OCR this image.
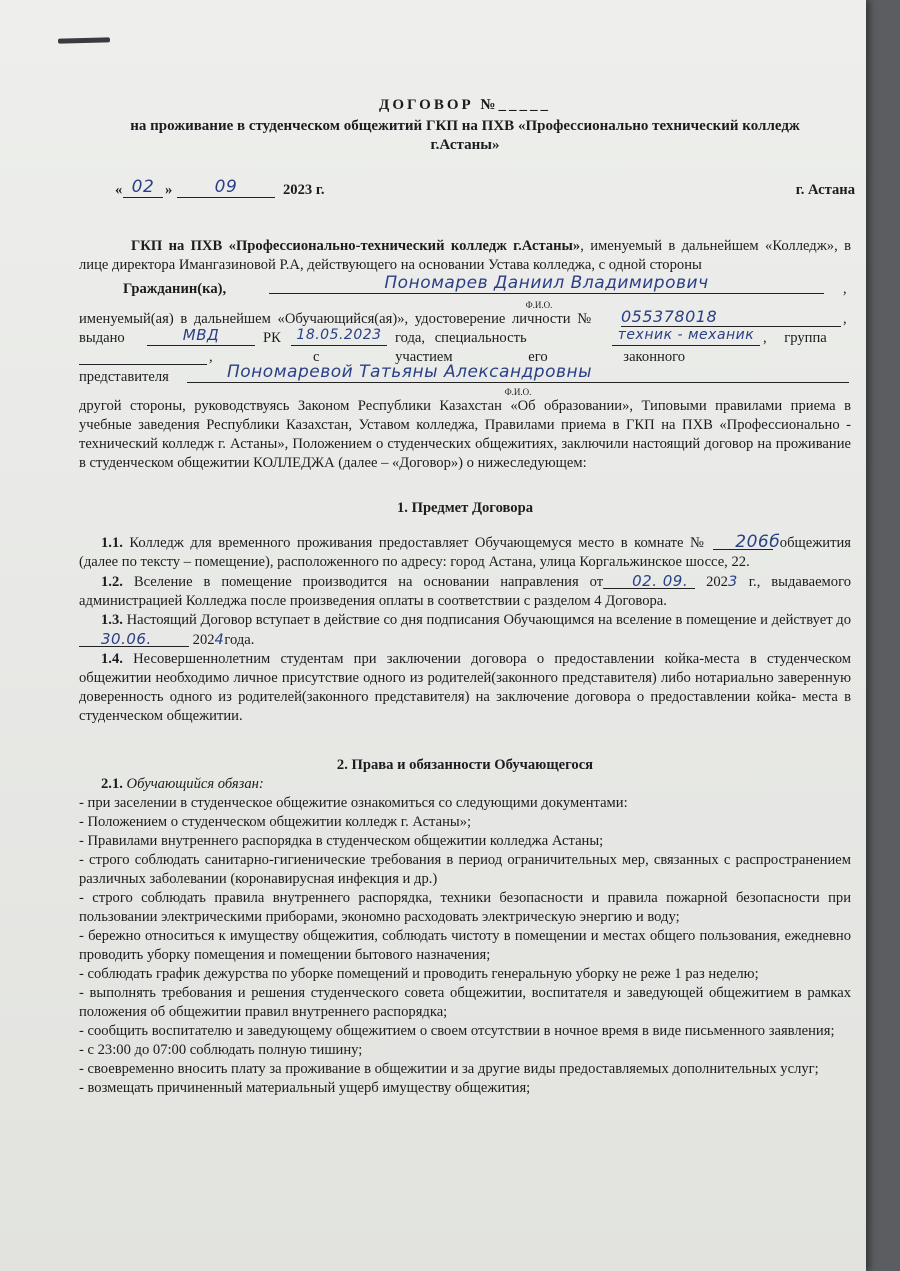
ДОГОВОР №_____
на проживание в студенческом общежитий ГКП на ПХВ «Профессионально технический колледж г.Астаны»
« 02 »	09	2023 г.	г. Астана

ГКП на ПХВ «Профессионально-технический колледж г.Астаны», именуемый в дальнейшем «Колледж», в лице директора Имангазиновой Р.А, действующего на основании Устава колледжа, с одной стороны

Гражданин(ка),	Пономарев Даниил Владимирович	,
Ф.И.О.
именуемый(ая) в дальнейшем «Обучающийся(ая)», удостоверение личности № 055378018	,
выдано	МВД	РК	18.05.2023 года, специальность	техник - механик , группа
,	с участием его законного
представителя	Пономаревой Татьяны Александровны
Ф.И.О.

другой стороны, руководствуясь Законом Республики Казахстан «Об образовании», Типовыми правилами приема в учебные заведения Республики Казахстан, Уставом колледжа, Правилами приема в ГКП на ПХВ «Профессионально - технический колледж г. Астаны», Положением о студенческих общежитиях, заключили настоящий договор на проживание в студенческом общежитии КОЛЛЕДЖА (далее – «Договор») о нижеследующем:

1. Предмет Договора

1.1. Колледж для временного проживания предоставляет Обучающемуся место в комнате № 206б общежития (далее по тексту – помещение), расположенного по адресу: город Астана, улица Коргальжинское шоссе, 22.

1.2. Вселение в помещение производится на основании направления от 02. 09. 2023 г., выдаваемого администрацией Колледжа после произведения оплаты в соответствии с разделом 4 Договора.

1.3. Настоящий Договор вступает в действие со дня подписания Обучающимся на вселение в помещение и действует до 30.06.	2024года.

1.4. Несовершеннолетним студентам при заключении договора о предоставлении койка-места в студенческом общежитии необходимо личное присутствие одного из родителей(законного представителя) либо нотариально заверенную доверенность одного из родителей(законного представителя) на заключение договора о предоставлении койка- места в студенческом общежитии.

2. Права и обязанности Обучающегося

2.1. Обучающийся обязан:

- при заселении в студенческое общежитие ознакомиться со следующими документами:

- Положением о студенческом общежитии колледж г. Астаны»;

- Правилами внутреннего распорядка в студенческом общежитии колледжа Астаны;

- строго соблюдать санитарно-гигиенические требования в период ограничительных мер, связанных с распространением различных заболевании (коронавирусная инфекция и др.)

- строго соблюдать правила внутреннего распорядка, техники безопасности и правила пожарной безопасности при пользовании электрическими приборами, экономно расходовать электрическую энергию и воду;

- бережно относиться к имуществу общежития, соблюдать чистоту в помещении и местах общего пользования, ежедневно проводить уборку помещения и помещении бытового назначения;

- соблюдать график дежурства по уборке помещений и проводить генеральную уборку не реже 1 раз неделю;

- выполнять требования и решения студенческого совета общежитии, воспитателя и заведующей общежитием в рамках положения об общежитии правил внутреннего распорядка;

- сообщить воспитателю и заведующему общежитием о своем отсутствии в ночное время в виде письменного заявления;

- с 23:00 до 07:00 соблюдать полную тишину;

- своевременно вносить плату за проживание в общежитии и за другие виды предоставляемых дополнительных услуг;

- возмещать причиненный материальный ущерб имуществу общежития;
